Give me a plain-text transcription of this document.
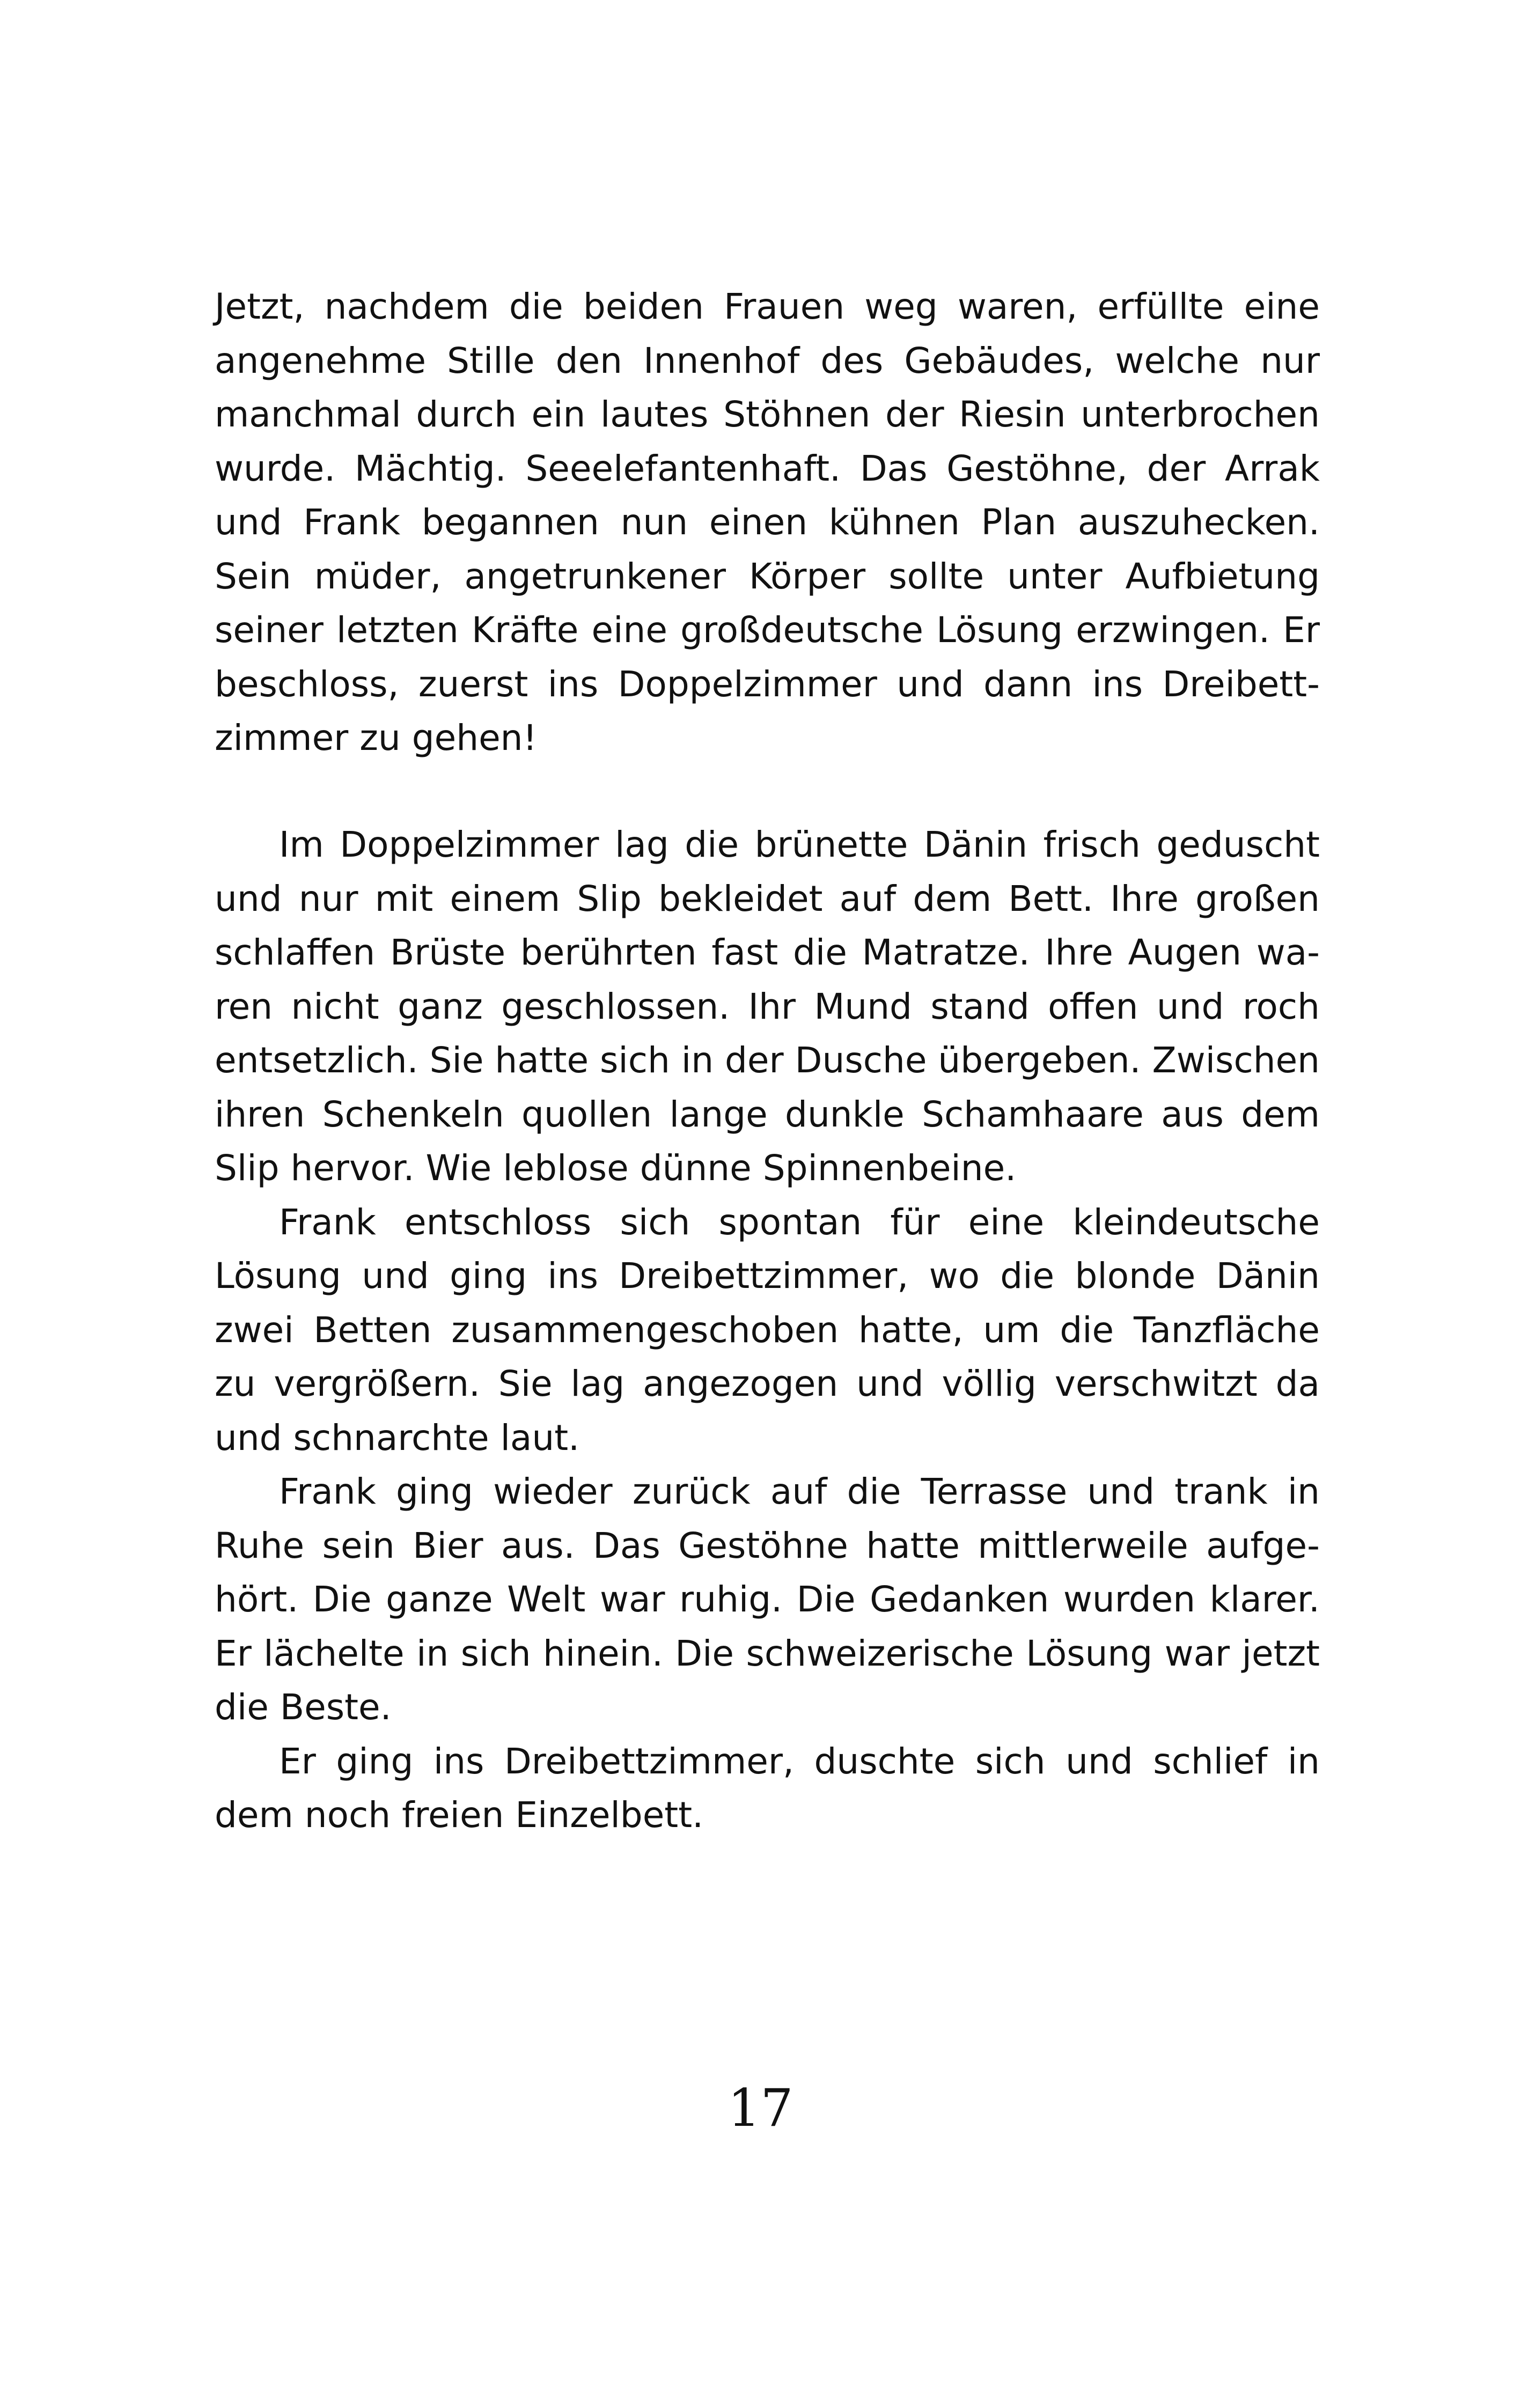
Jetzt, nachdem die beiden Frauen weg waren, erfüllte eine angenehme Stille den Innenhof des Gebäudes, welche nur manchmal durch ein lautes Stöhnen der Riesin unterbrochen wurde. Mächtig. Seeelefantenhaft. Das Gestöhne, der Arrak und Frank begannen nun einen kühnen Plan auszuhecken. Sein müder, angetrunkener Körper sollte unter Aufbietung seiner letzten Kräfte eine großdeutsche Lösung erzwingen. Er beschloss, zuerst ins Doppelzimmer und dann ins Dreibettzimmer zu gehen!

Im Doppelzimmer lag die brünette Dänin frisch geduscht und nur mit einem Slip bekleidet auf dem Bett. Ihre großen schlaffen Brüste berührten fast die Matratze. Ihre Augen waren nicht ganz geschlossen. Ihr Mund stand offen und roch entsetzlich. Sie hatte sich in der Dusche übergeben. Zwischen ihren Schenkeln quollen lange dunkle Schamhaare aus dem Slip hervor. Wie leblose dünne Spinnenbeine.

Frank entschloss sich spontan für eine kleindeutsche Lösung und ging ins Dreibettzimmer, wo die blonde Dänin zwei Betten zusammengeschoben hatte, um die Tanzfläche zu vergrößern. Sie lag angezogen und völlig verschwitzt da und schnarchte laut.

Frank ging wieder zurück auf die Terrasse und trank in Ruhe sein Bier aus. Das Gestöhne hatte mittlerweile aufgehört. Die ganze Welt war ruhig. Die Gedanken wurden klarer. Er lächelte in sich hinein. Die schweizerische Lösung war jetzt die Beste.

Er ging ins Dreibettzimmer, duschte sich und schlief in dem noch freien Einzelbett.

17
